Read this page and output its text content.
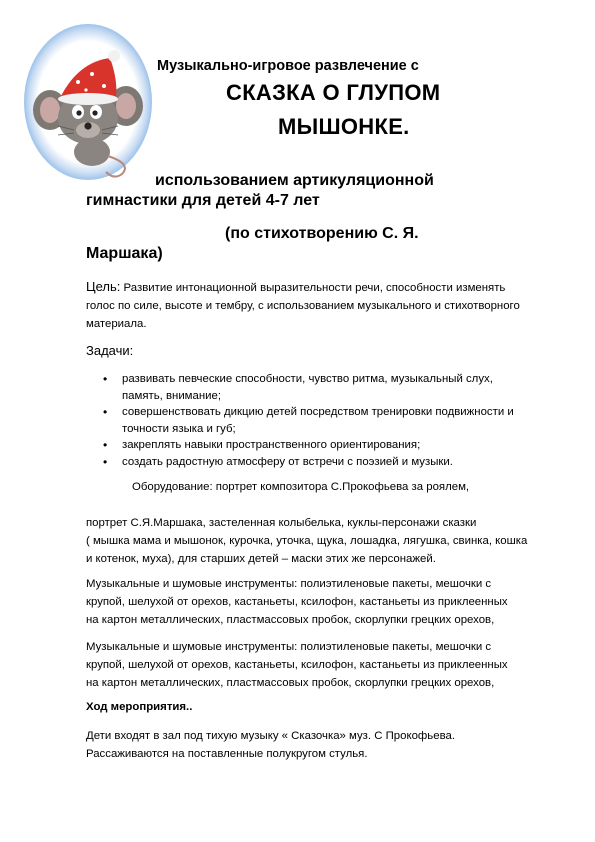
Музыкально-игровое развлечение с
СКАЗКА О ГЛУПОМ
МЫШОНКЕ.
использованием артикуляционной
гимнастики для детей 4-7 лет
(по стихотворению С. Я.
Маршака)
Цель: Развитие интонационной выразительности речи, способности изменять
голос по силе, высоте и тембру, с использованием музыкального и стихотворного
материала.
Задачи:
• развивать певческие способности, чувство ритма, музыкальный слух,
память, внимание;
• совершенствовать дикцию детей посредством тренировки подвижности и
точности языка и губ;
• закреплять навыки пространственного ориентирования;
• создать радостную атмосферу от встречи с поэзией и музыки.
Оборудование: портрет композитора С.Прокофьева за роялем,
портрет С.Я.Маршака, застеленная колыбелька, куклы-персонажи сказки
( мышка мама и мышонок, курочка, уточка, щука, лошадка, лягушка, свинка, кошка
и котенок, муха), для старших детей – маски этих же персонажей.
Музыкальные и шумовые инструменты: полиэтиленовые пакеты, мешочки с
крупой, шелухой от орехов, кастаньеты, ксилофон, кастаньеты из приклеенных
на картон металлических, пластмассовых пробок, скорлупки грецких орехов,
Музыкальные и шумовые инструменты: полиэтиленовые пакеты, мешочки с
крупой, шелухой от орехов, кастаньеты, ксилофон, кастаньеты из приклеенных
на картон металлических, пластмассовых пробок, скорлупки грецких орехов,
Ход мероприятия..
Дети входят в зал под тихую музыку « Сказочка» муз. С Прокофьева.
Рассаживаются на поставленные полукругом стулья.
